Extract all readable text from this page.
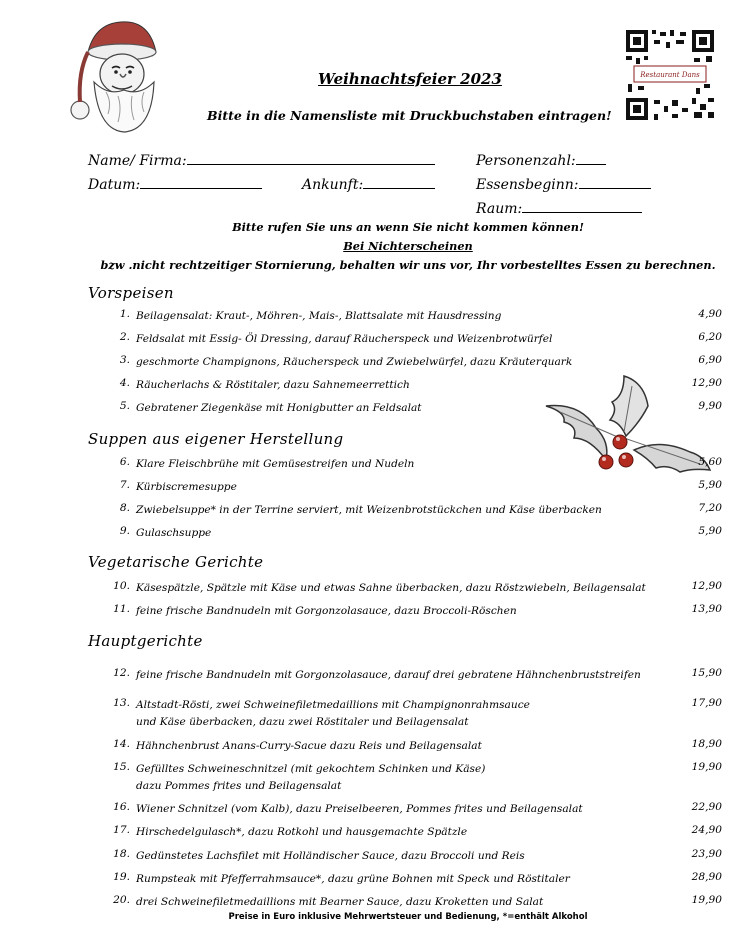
Restaurant Dans
Weihnachtsfeier 2023
Bitte in die Namensliste mit Druckbuchstaben eintragen!
Name/ Firma:	Personenzahl:
Datum:	Ankunft:	Essensbeginn:
Raum:
Bitte rufen Sie uns an wenn Sie nicht kommen können!
Bei Nichterscheinen
bzw .nicht rechtzeitiger Stornierung, behalten wir uns vor, Ihr vorbestelltes Essen zu berechnen.
Vorspeisen
Suppen aus eigener Herstellung
Vegetarische Gerichte
Hauptgerichte
1. Beilagensalat: Kraut-, Möhren-, Mais-, Blattsalate mit Hausdressing	4,90
2. Feldsalat mit Essig- Öl Dressing, darauf Räucherspeck und Weizenbrotwürfel	6,20
3. geschmorte Champignons, Räucherspeck und Zwiebelwürfel, dazu Kräuterquark	6,90
4. Räucherlachs & Röstitaler, dazu Sahnemeerrettich	12,90
5. Gebratener Ziegenkäse mit Honigbutter an Feldsalat	9,90
6. Klare Fleischbrühe mit Gemüsestreifen und Nudeln	5,60
7. Kürbiscremesuppe	5,90
8. Zwiebelsuppe* in der Terrine serviert, mit Weizenbrotstückchen und Käse überbacken	7,20
9. Gulaschsuppe	5,90
10. Käsespätzle, Spätzle mit Käse und etwas Sahne überbacken, dazu Röstzwiebeln, Beilagensalat	12,90
11. feine frische Bandnudeln mit Gorgonzolasauce, dazu Broccoli-Röschen	13,90
12. feine frische Bandnudeln mit Gorgonzolasauce, darauf drei gebratene Hähnchenbruststreifen	15,90
13. Altstadt-Rösti, zwei Schweinefiletmedaillions mit Champignonrahmsauce
und Käse überbacken, dazu zwei Röstitaler und Beilagensalat
17,90
14. Hähnchenbrust Anans-Curry-Sacue dazu Reis und Beilagensalat	18,90
15. Gefülltes Schweineschnitzel (mit gekochtem Schinken und Käse)
dazu Pommes frites und Beilagensalat
19,90
16. Wiener Schnitzel (vom Kalb), dazu Preiselbeeren, Pommes frites und Beilagensalat	22,90
17. Hirschedelgulasch*, dazu Rotkohl und hausgemachte Spätzle	24,90
18. Gedünstetes Lachsfilet mit Holländischer Sauce, dazu Broccoli und Reis	23,90
19. Rumpsteak mit Pfefferrahmsauce*, dazu grüne Bohnen mit Speck und Röstitaler	28,90
20. drei Schweinefiletmedaillions mit Bearner Sauce, dazu Kroketten und Salat	19,90
Preise in Euro inklusive Mehrwertsteuer und Bedienung, *=enthält Alkohol
